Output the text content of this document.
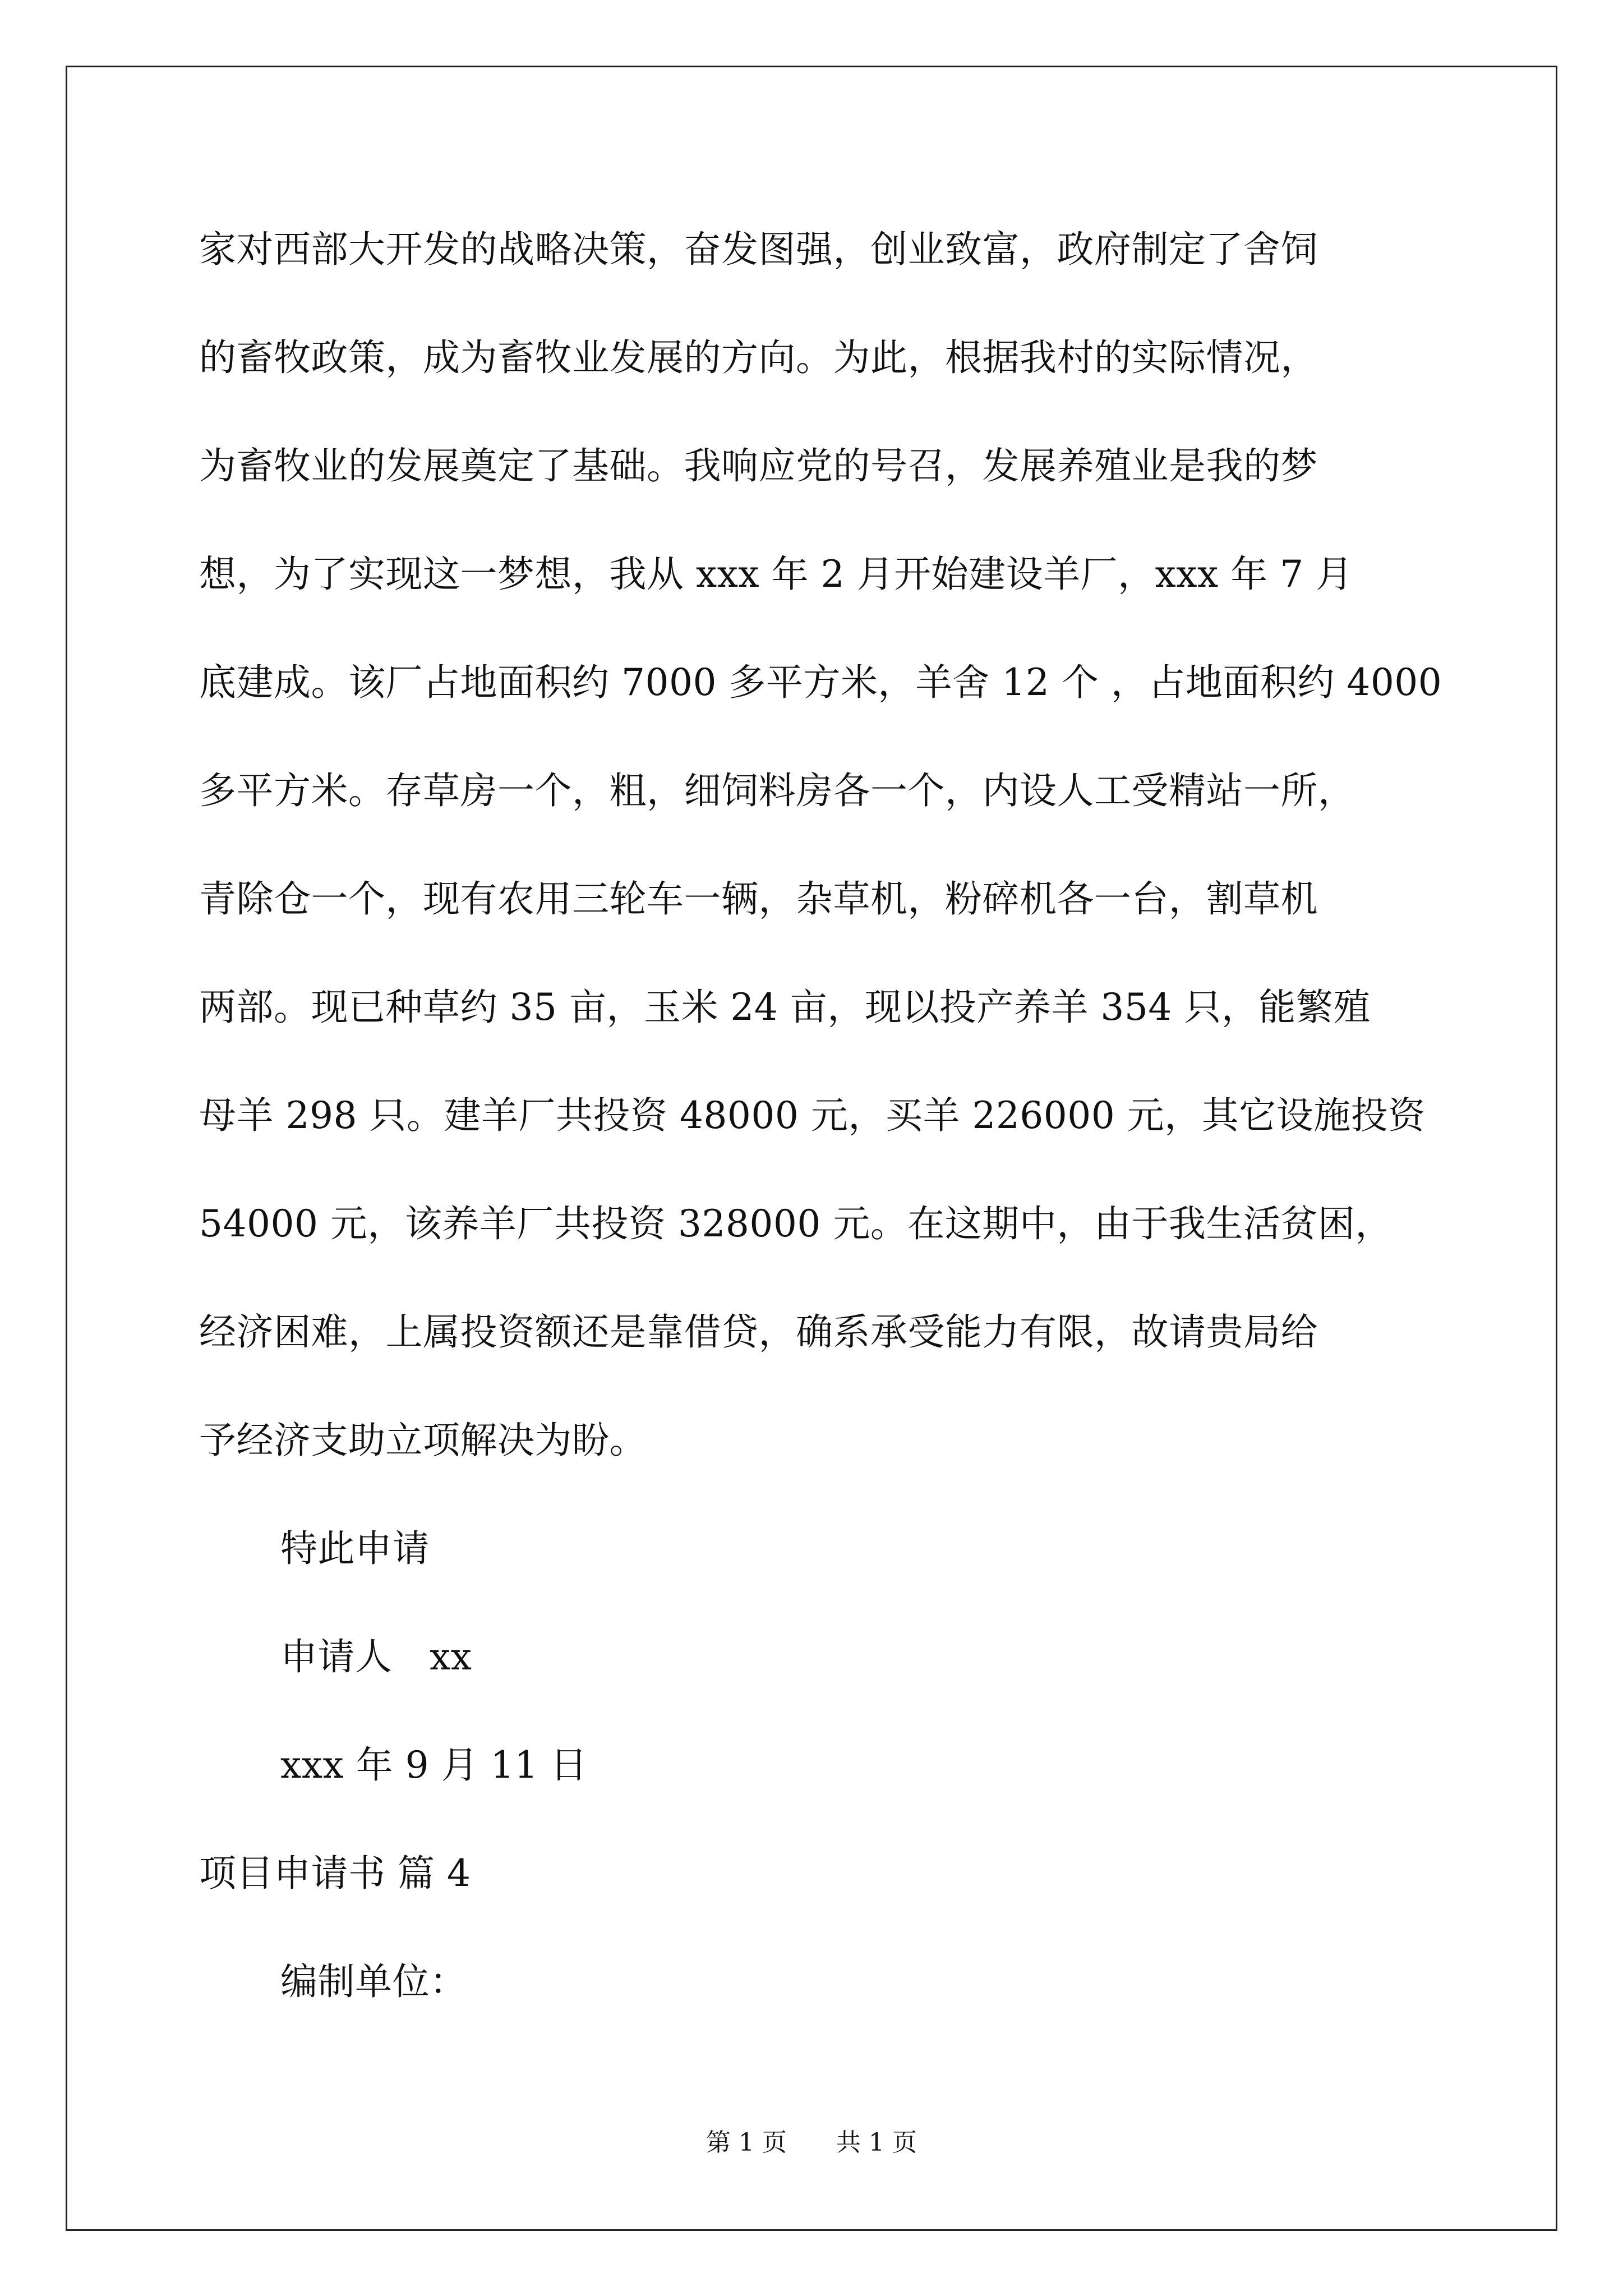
家对西部大开发的战略决策，奋发图强，创业致富，政府制定了舍饲
的畜牧政策，成为畜牧业发展的方向。为此，根据我村的实际情况，
为畜牧业的发展奠定了基础。我响应党的号召，发展养殖业是我的梦
想，为了实现这一梦想，我从 xxx 年 2 月开始建设羊厂，xxx 年 7 月
底建成。该厂占地面积约 7000 多平方米，羊舍 12 个 ，占地面积约 4000
多平方米。存草房一个，粗，细饲料房各一个，内设人工受精站一所，
青除仓一个，现有农用三轮车一辆，杂草机，粉碎机各一台，割草机
两部。现已种草约 35 亩，玉米 24 亩，现以投产养羊 354 只，能繁殖
母羊 298 只。建羊厂共投资 48000 元，买羊 226000 元，其它设施投资
54000 元，该养羊厂共投资 328000 元。在这期中，由于我生活贫困，
经济困难，上属投资额还是靠借贷，确系承受能力有限，故请贵局给
予经济支助立项解决为盼。
特此申请
申请人　xx
xxx 年 9 月 11 日
项目申请书 篇 4
编制单位：
第 1 页 共 1 页
